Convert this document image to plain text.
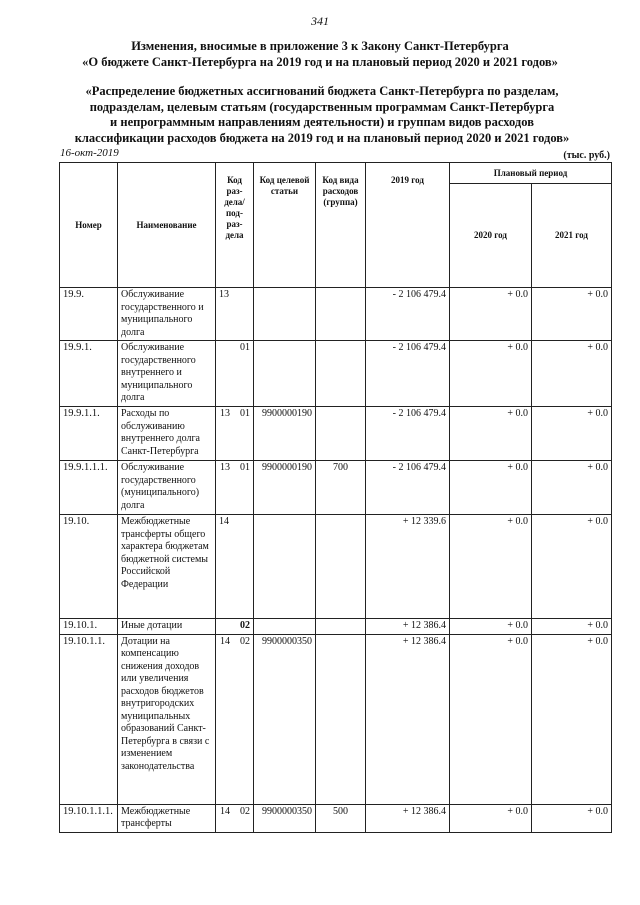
341
Изменения, вносимые в приложение 3 к Закону Санкт-Петербурга
«О бюджете Санкт-Петербурга на 2019 год и на плановый период 2020 и 2021 годов»
«Распределение бюджетных ассигнований бюджета Санкт-Петербурга по разделам,
подразделам, целевым статьям (государственным программам Санкт-Петербурга
и непрограммным направлениям деятельности) и группам видов расходов
классификации расходов бюджета на 2019 год и на плановый период 2020 и 2021 годов»
16-окт-2019	(тыс. руб.)
Номер	Наименование	Код раз- дела/ под- раз- дела	Код целевой статьи	Код вида расходов (группа)	2019 год	Плановый период	
						2020 год	2021 год
19.9.	Обслуживание государственного и муниципального долга	13			- 2 106 479.4	+ 0.0	+ 0.0
19.9.1.	Обслуживание государственного внутреннего и муниципального долга	01			- 2 106 479.4	+ 0.0	+ 0.0
19.9.1.1.	Расходы по обслуживанию внутреннего долга Санкт-Петербурга	13    01	9900000190		- 2 106 479.4	+ 0.0	+ 0.0
19.9.1.1.1.	Обслуживание государственного (муниципального) долга	13    01	9900000190	700	- 2 106 479.4	+ 0.0	+ 0.0
19.10.	Межбюджетные трансферты общего характера бюджетам бюджетной системы Российской Федерации	14			+ 12 339.6	+ 0.0	+ 0.0
19.10.1.	Иные дотации	02			+ 12 386.4	+ 0.0	+ 0.0
19.10.1.1.	Дотации на компенсацию снижения доходов или увеличения расходов бюджетов внутригородских муниципальных образований Санкт-Петербурга в связи с изменением законодательства	14    02	9900000350		+ 12 386.4	+ 0.0	+ 0.0
19.10.1.1.1.	Межбюджетные трансферты	14    02	9900000350	500	+ 12 386.4	+ 0.0	+ 0.0
